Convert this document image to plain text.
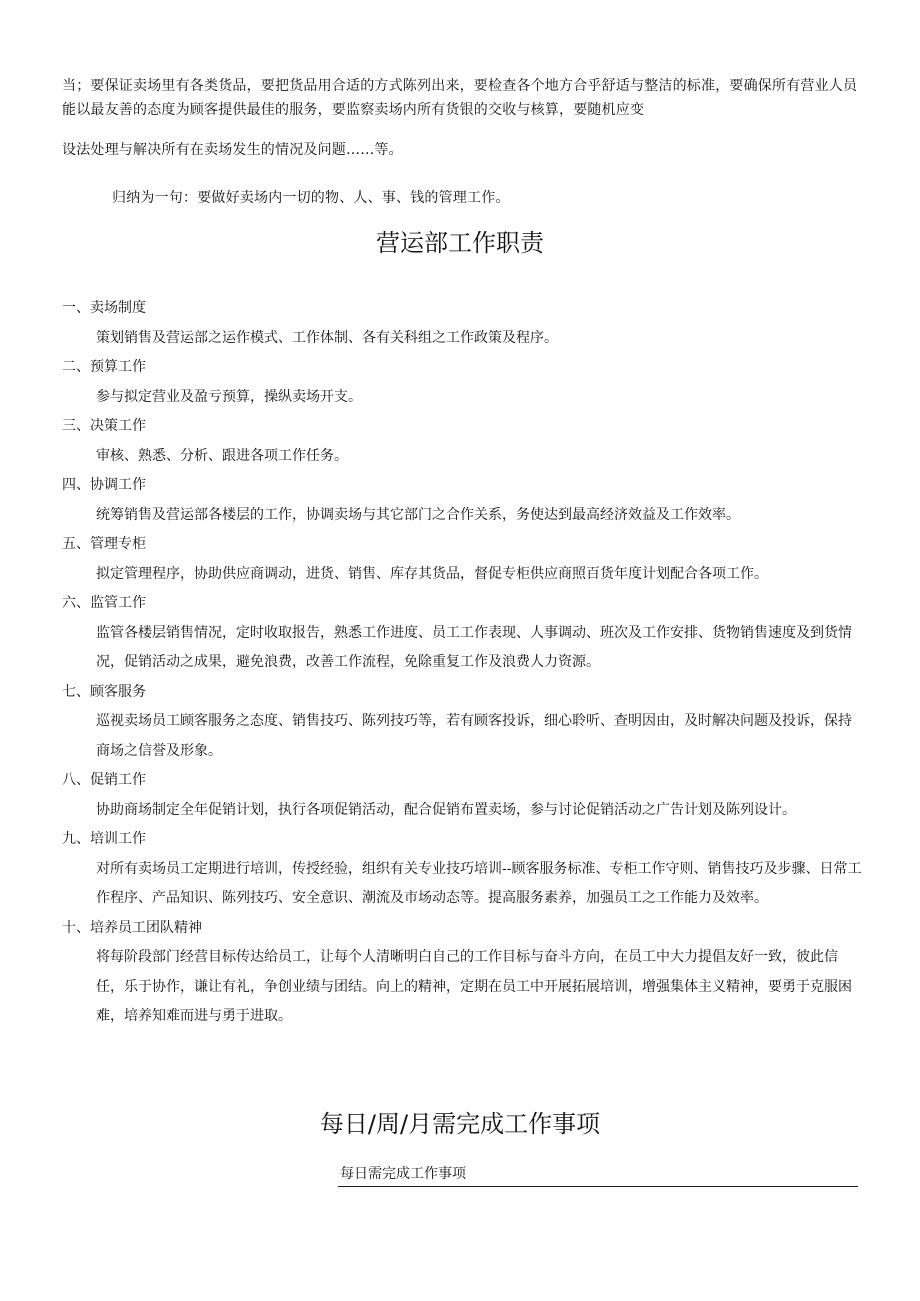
当；要保证卖场里有各类货品，要把货品用合适的方式陈列出来，要检查各个地方合乎舒适与整洁的标准，要确保所有营业人员能以最友善的态度为顾客提供最佳的服务，要监察卖场内所有货银的交收与核算，要随机应变

设法处理与解决所有在卖场发生的情况及问题……等。

归纳为一句：要做好卖场内一切的物、人、事、钱的管理工作。

营运部工作职责

一、卖场制度

策划销售及营运部之运作模式、工作体制、各有关科组之工作政策及程序。

二、预算工作

参与拟定营业及盈亏预算，操纵卖场开支。

三、决策工作

审核、熟悉、分析、跟进各项工作任务。

四、协调工作

统筹销售及营运部各楼层的工作，协调卖场与其它部门之合作关系，务使达到最高经济效益及工作效率。

五、管理专柜

拟定管理程序，协助供应商调动，进货、销售、库存其货品，督促专柜供应商照百货年度计划配合各项工作。

六、监管工作

监管各楼层销售情况，定时收取报告，熟悉工作进度、员工工作表现、人事调动、班次及工作安排、货物销售速度及到货情况，促销活动之成果，避免浪费，改善工作流程，免除重复工作及浪费人力资源。

七、顾客服务

巡视卖场员工顾客服务之态度、销售技巧、陈列技巧等，若有顾客投诉，细心聆听、查明因由，及时解决问题及投诉，保持商场之信誉及形象。

八、促销工作

协助商场制定全年促销计划，执行各项促销活动，配合促销布置卖场，参与讨论促销活动之广告计划及陈列设计。

九、培训工作

对所有卖场员工定期进行培训，传授经验，组织有关专业技巧培训--顾客服务标准、专柜工作守则、销售技巧及步骤、日常工作程序、产品知识、陈列技巧、安全意识、潮流及市场动态等。提高服务素养，加强员工之工作能力及效率。

十、培养员工团队精神

将每阶段部门经营目标传达给员工，让每个人清晰明白自己的工作目标与奋斗方向，在员工中大力提倡友好一致，彼此信任，乐于协作，谦让有礼，争创业绩与团结。向上的精神，定期在员工中开展拓展培训，增强集体主义精神，要勇于克服困难，培养知难而进与勇于进取。

每日/周/月需完成工作事项
每日需完成工作事项
